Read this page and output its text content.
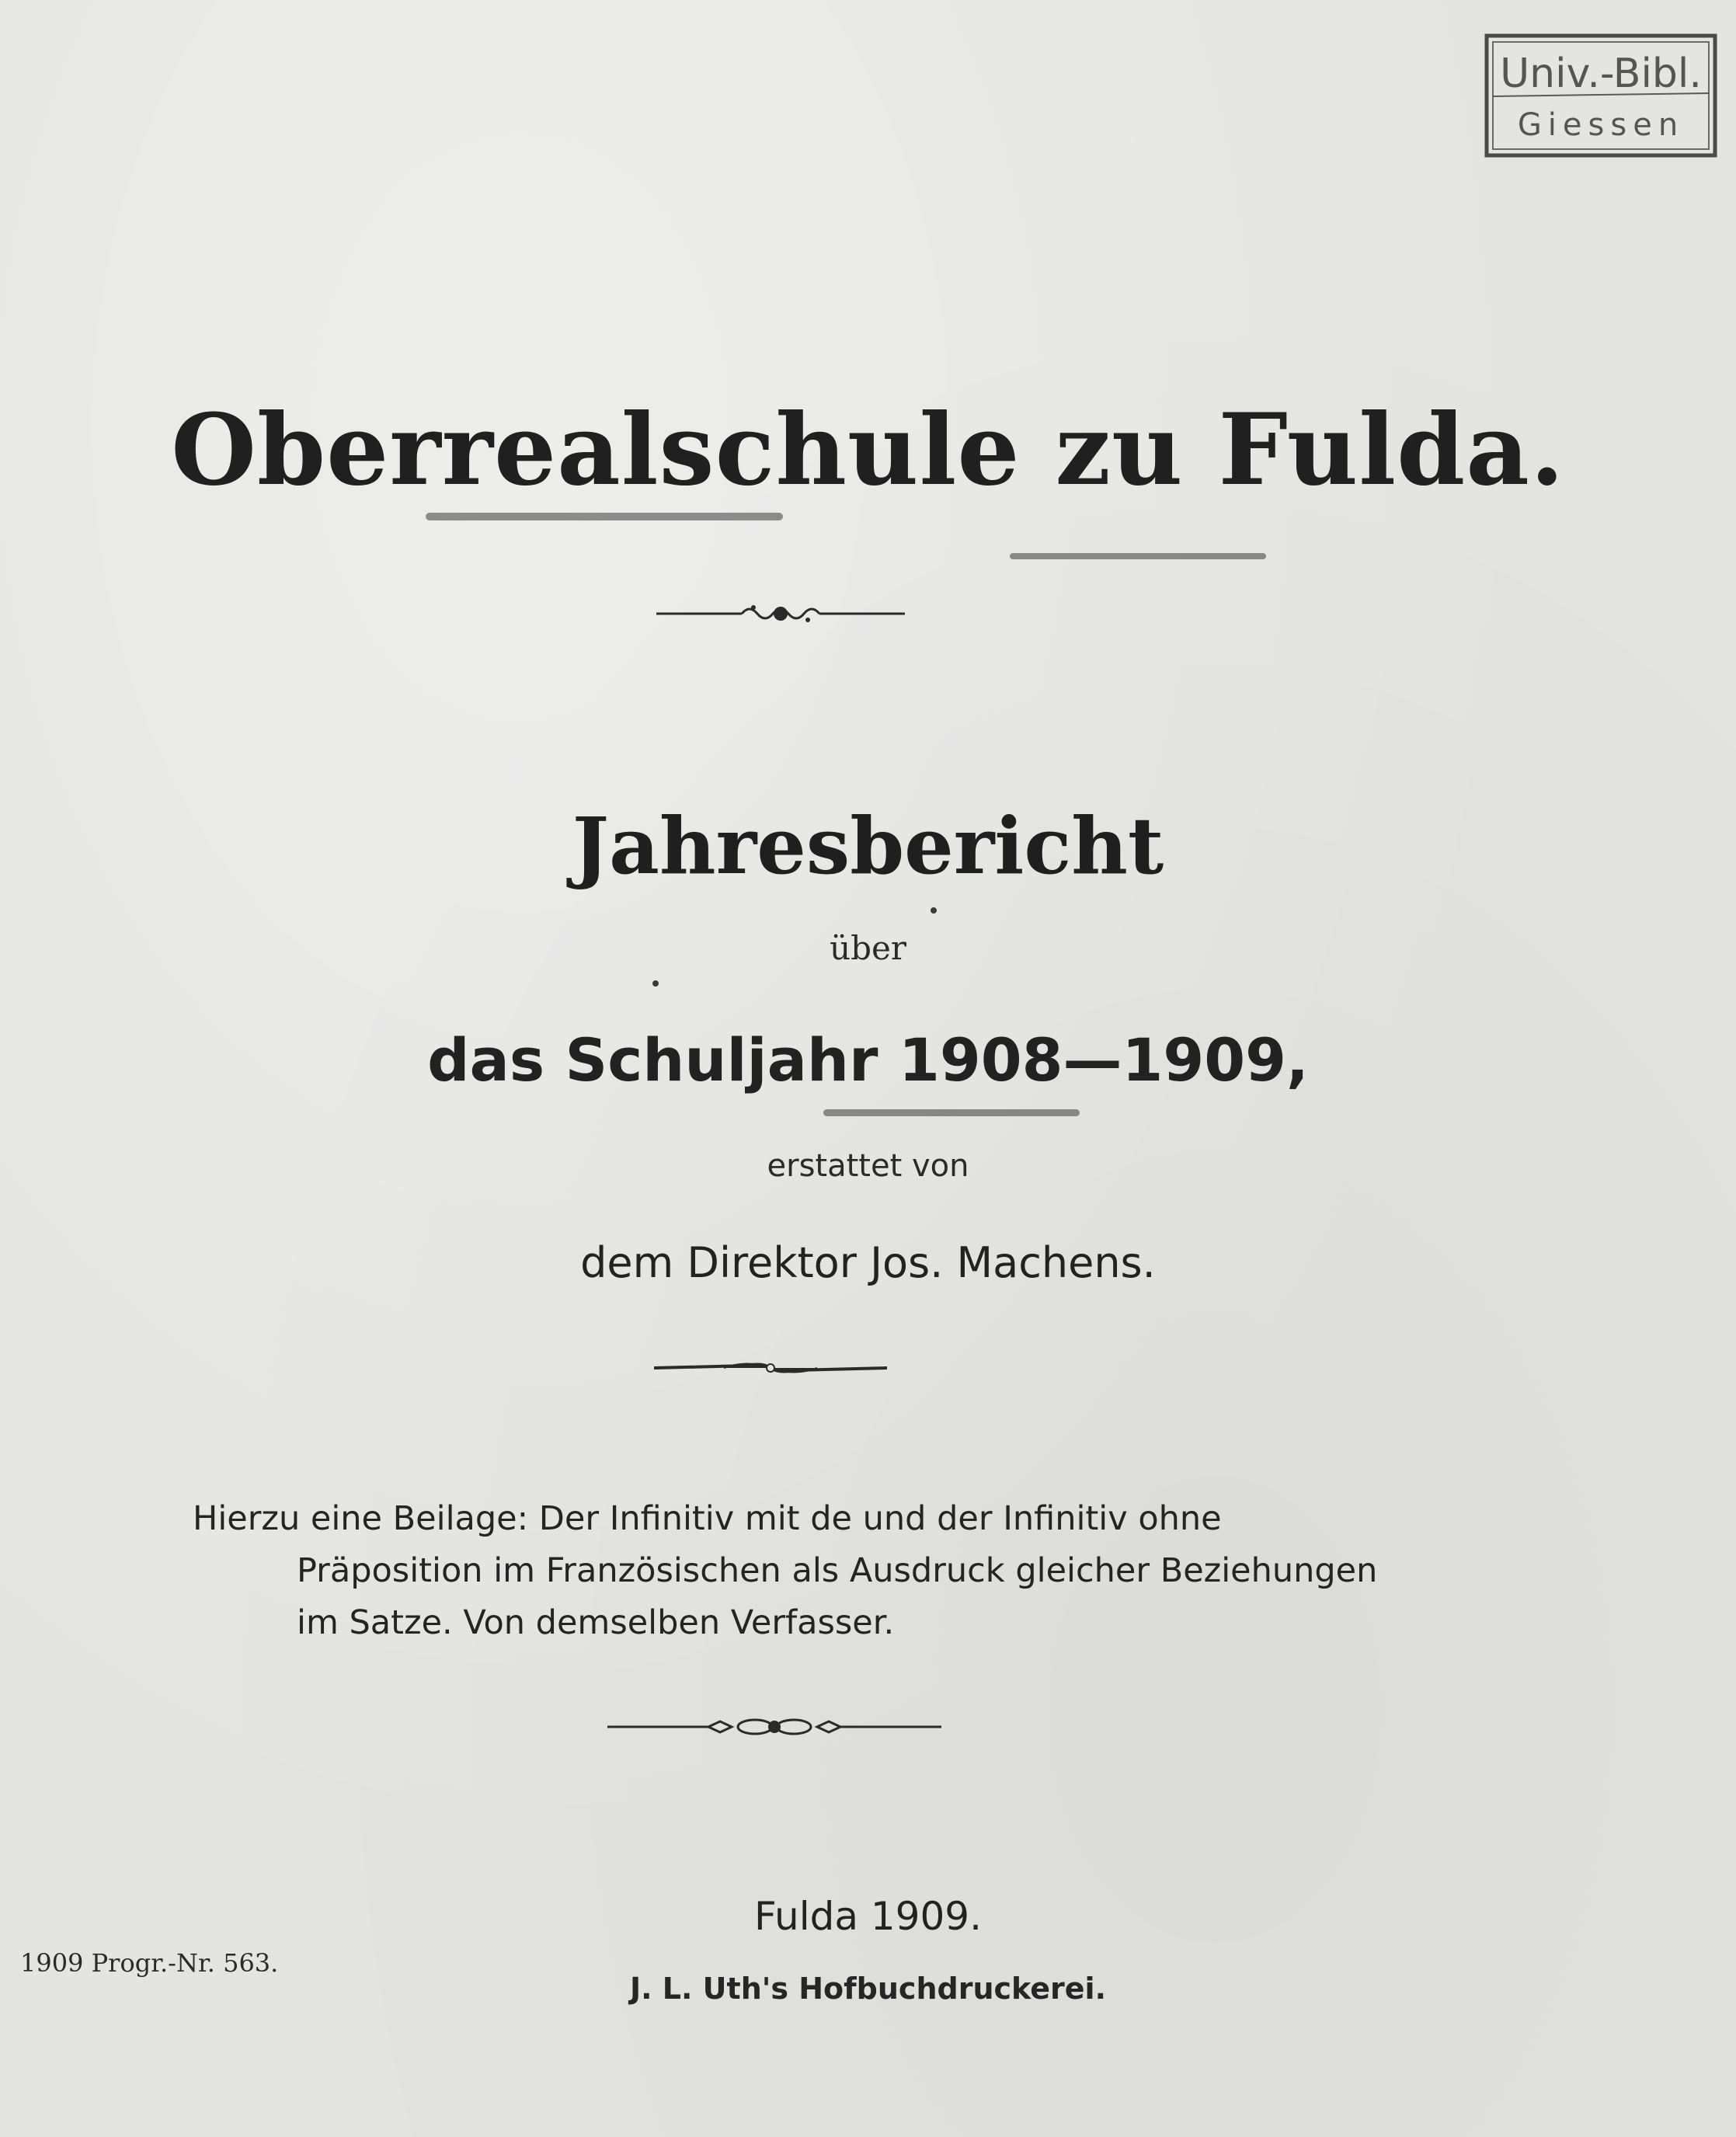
Univ.-Bibl.
Giessen
Oberrealschule zu Fulda.
Jahresbericht
über
das Schuljahr 1908—1909,
erstattet von
dem Direktor Jos. Machens.
Hierzu eine Beilage: Der Infinitiv mit de und der Infinitiv ohne
Präposition im Französischen als Ausdruck gleicher Beziehungen
im Satze. Von demselben Verfasser.
Fulda 1909.
J. L. Uth's Hofbuchdruckerei.
1909 Progr.-Nr. 563.
